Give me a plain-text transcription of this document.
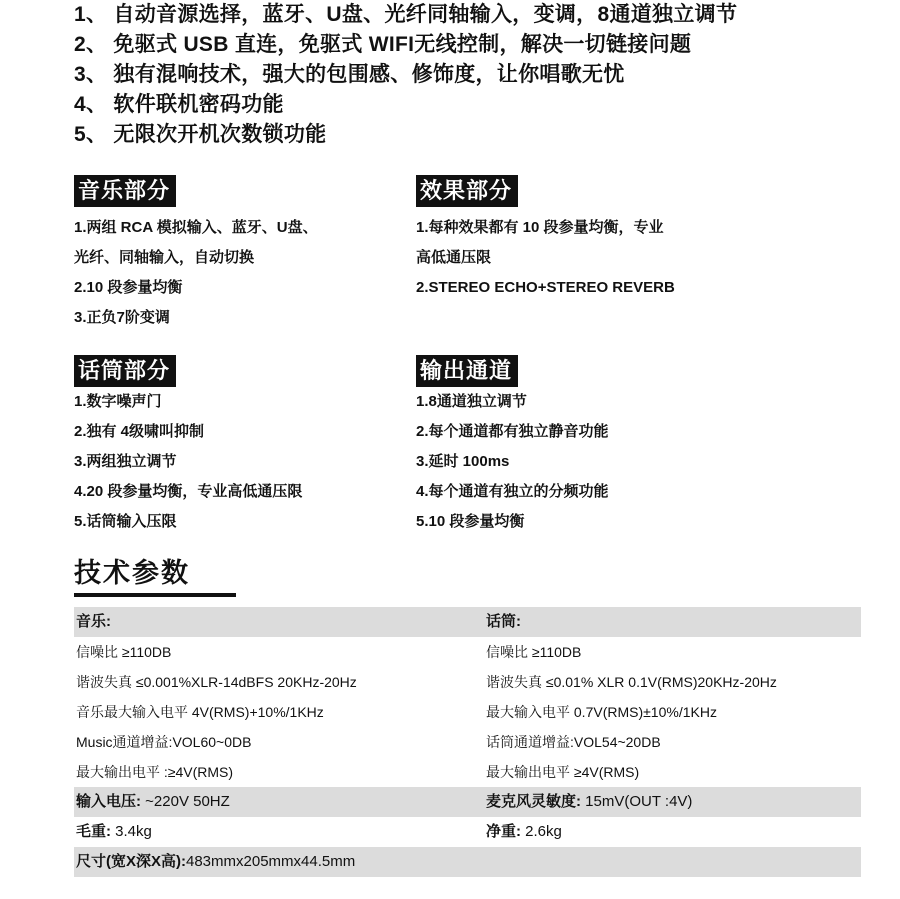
1、 自动音源选择，蓝牙、U盘、光纤同轴输入，变调，8通道独立调节
2、 免驱式 USB 直连，免驱式 WIFI无线控制，解决一切链接问题
3、 独有混响技术，强大的包围感、修饰度，让你唱歌无忧
4、 软件联机密码功能
5、 无限次开机次数锁功能
音乐部分
1.两组 RCA 模拟输入、蓝牙、U盘、
光纤、同轴输入，自动切换
2.10 段参量均衡
3.正负7阶变调
效果部分
1.每种效果都有 10 段参量均衡，专业
高低通压限
2.STEREO ECHO+STEREO REVERB
话筒部分
1.数字噪声门
2.独有 4级啸叫抑制
3.两组独立调节
4.20 段参量均衡，专业高低通压限
5.话筒输入压限
输出通道
1.8通道独立调节
2.每个通道都有独立静音功能
3.延时 100ms
4.每个通道有独立的分频功能
5.10 段参量均衡
技术参数
音乐:	话筒:
信噪比 ≥110DB	信噪比 ≥110DB
谐波失真 ≤0.001%XLR-14dBFS 20KHz-20Hz	谐波失真 ≤0.01% XLR 0.1V(RMS)20KHz-20Hz
音乐最大输入电平 4V(RMS)+10%/1KHz	最大输入电平 0.7V(RMS)±10%/1KHz
Music通道增益:VOL60~0DB	话筒通道增益:VOL54~20DB
最大输出电平 :≥4V(RMS)	最大输出电平 ≥4V(RMS)
输入电压: ~220V 50HZ	麦克风灵敏度: 15mV(OUT :4V)
毛重: 3.4kg	净重: 2.6kg
尺寸(宽X深X高):483mmx205mmx44.5mm
